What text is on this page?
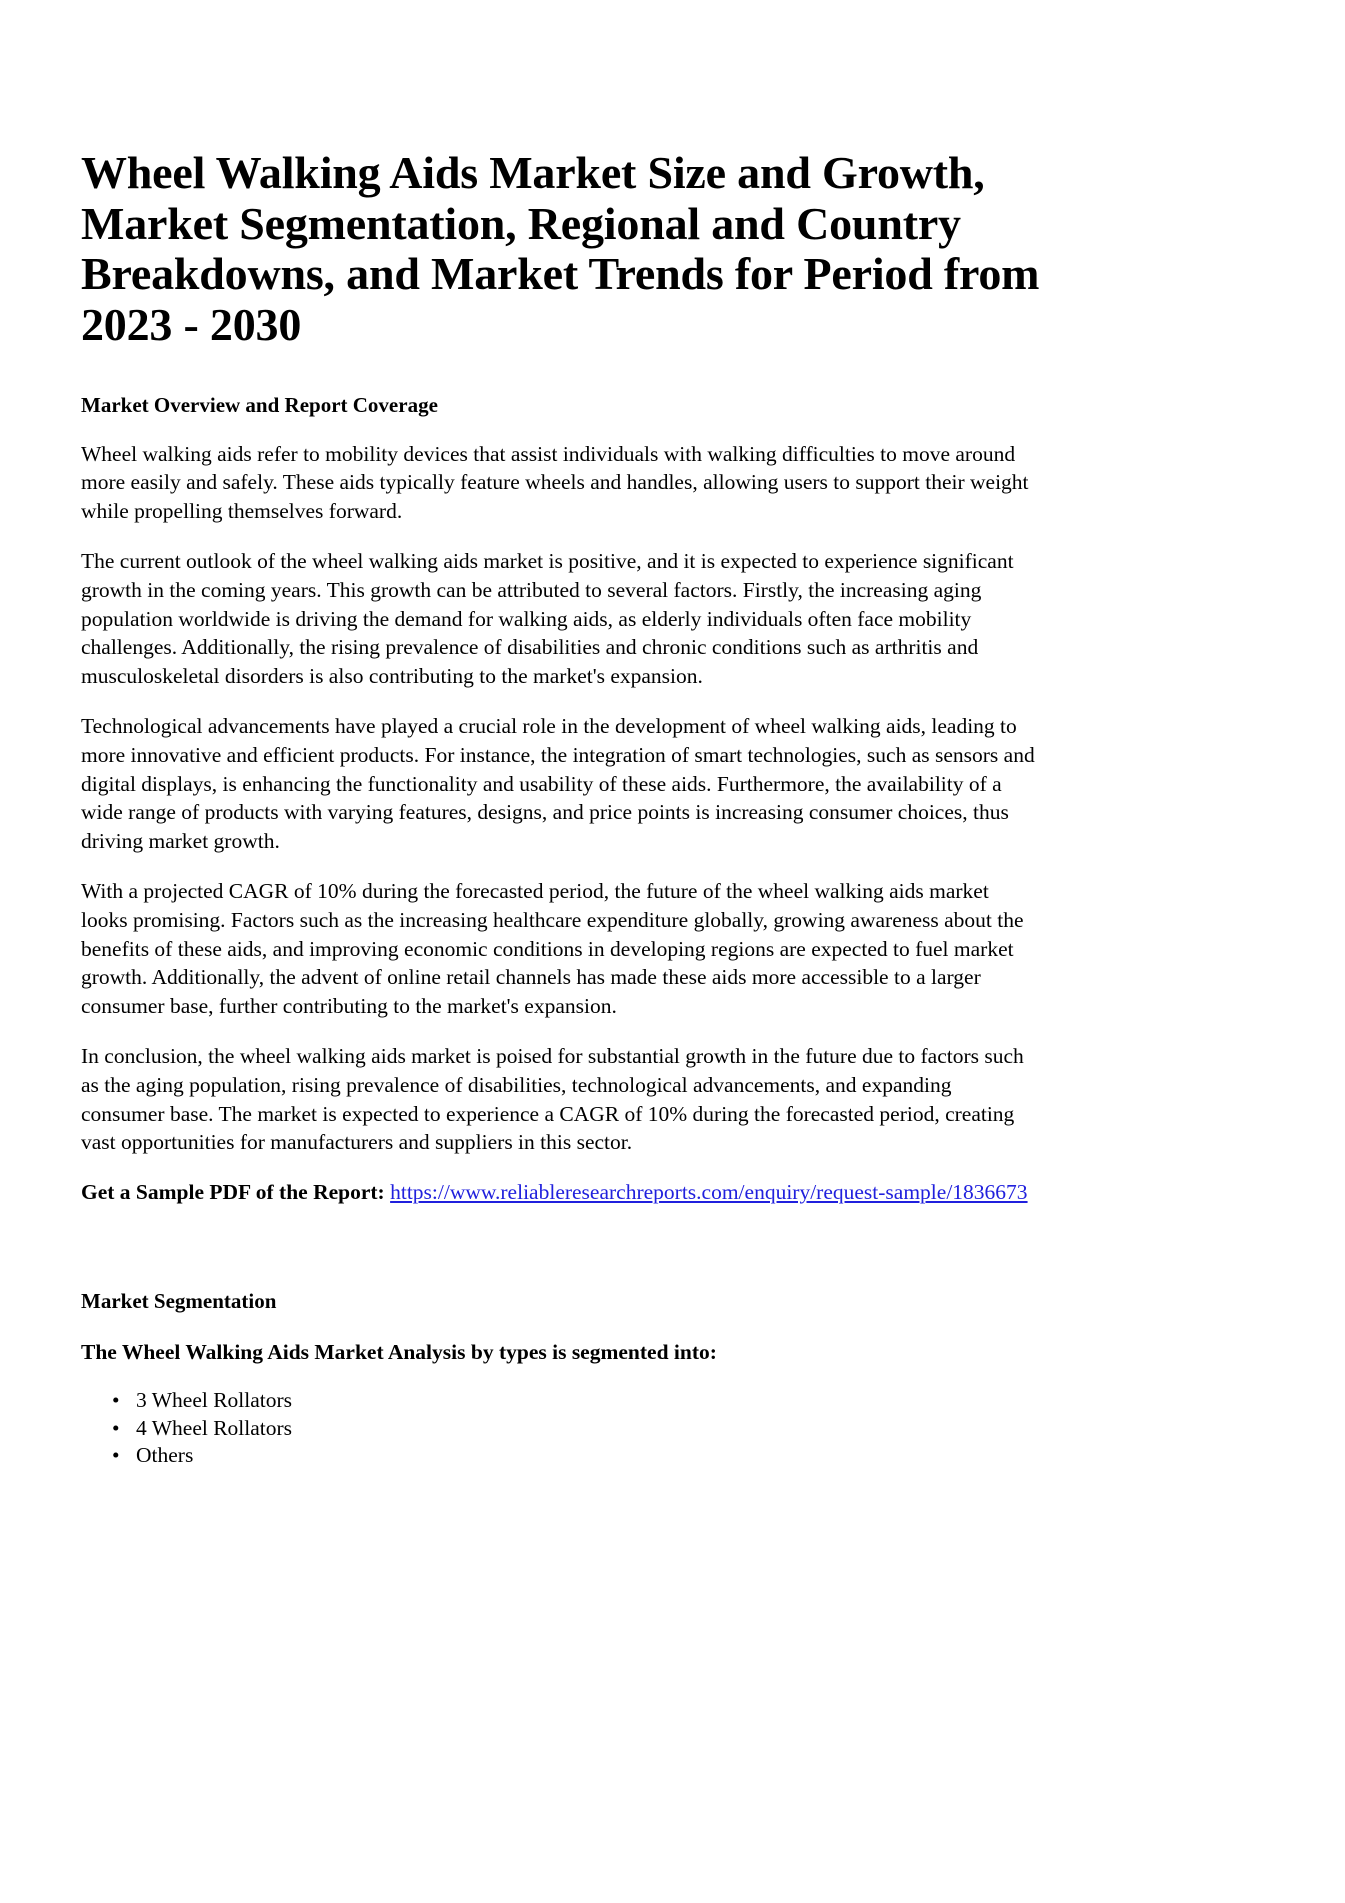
Wheel Walking Aids Market Size and Growth, Market Segmentation, Regional and Country Breakdowns, and Market Trends for Period from 2023 - 2030
Market Overview and Report Coverage

Wheel walking aids refer to mobility devices that assist individuals with walking difficulties to move around more easily and safely. These aids typically feature wheels and handles, allowing users to support their weight while propelling themselves forward.

The current outlook of the wheel walking aids market is positive, and it is expected to experience significant growth in the coming years. This growth can be attributed to several factors. Firstly, the increasing aging population worldwide is driving the demand for walking aids, as elderly individuals often face mobility challenges. Additionally, the rising prevalence of disabilities and chronic conditions such as arthritis and musculoskeletal disorders is also contributing to the market's expansion.

Technological advancements have played a crucial role in the development of wheel walking aids, leading to more innovative and efficient products. For instance, the integration of smart technologies, such as sensors and digital displays, is enhancing the functionality and usability of these aids. Furthermore, the availability of a wide range of products with varying features, designs, and price points is increasing consumer choices, thus driving market growth.

With a projected CAGR of 10% during the forecasted period, the future of the wheel walking aids market looks promising. Factors such as the increasing healthcare expenditure globally, growing awareness about the benefits of these aids, and improving economic conditions in developing regions are expected to fuel market growth. Additionally, the advent of online retail channels has made these aids more accessible to a larger consumer base, further contributing to the market's expansion.

In conclusion, the wheel walking aids market is poised for substantial growth in the future due to factors such as the aging population, rising prevalence of disabilities, technological advancements, and expanding consumer base. The market is expected to experience a CAGR of 10% during the forecasted period, creating vast opportunities for manufacturers and suppliers in this sector.

Get a Sample PDF of the Report: https://www.reliableresearchreports.com/enquiry/request-sample/1836673

Market Segmentation
The Wheel Walking Aids Market Analysis by types is segmented into:
• 3 Wheel Rollators
• 4 Wheel Rollators
• Others
